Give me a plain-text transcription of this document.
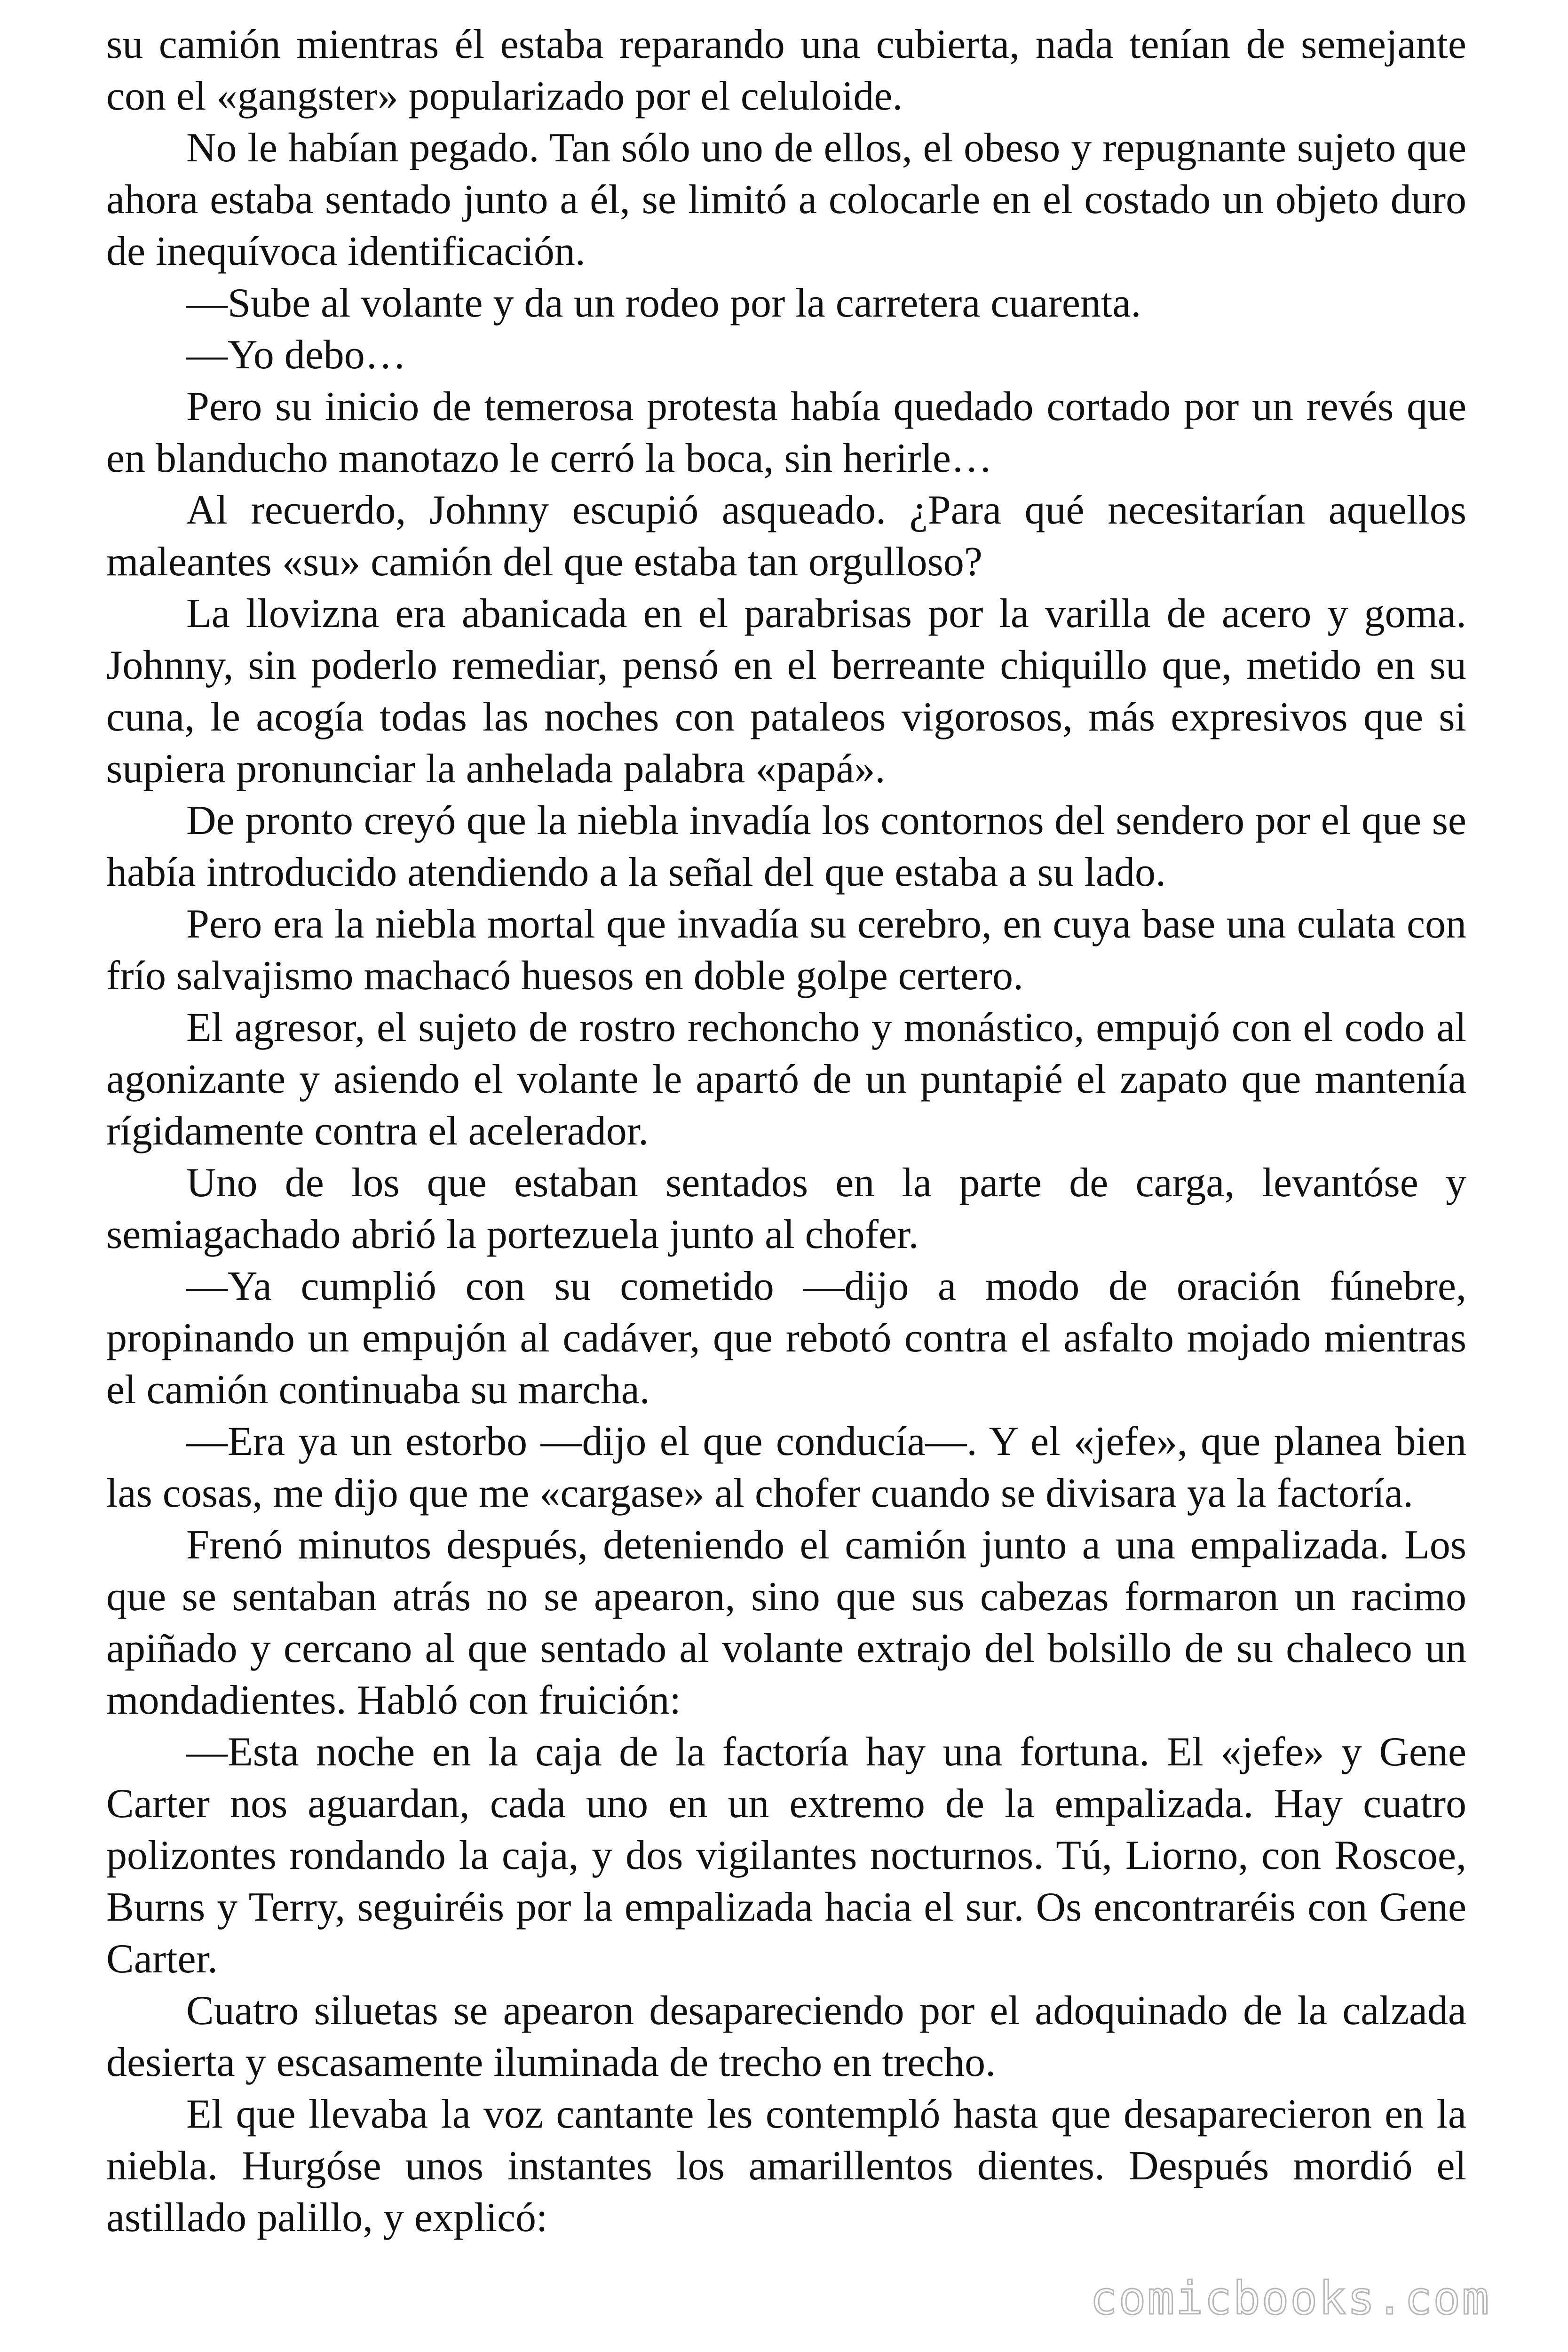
su camión mientras él estaba reparando una cubierta, nada tenían de semejante con el «gangster» popularizado por el celuloide.

No le habían pegado. Tan sólo uno de ellos, el obeso y repugnante sujeto que ahora estaba sentado junto a él, se limitó a colocarle en el costado un objeto duro de inequívoca identificación.

—Sube al volante y da un rodeo por la carretera cuarenta.

—Yo debo…

Pero su inicio de temerosa protesta había quedado cortado por un revés que en blanducho manotazo le cerró la boca, sin herirle…

Al recuerdo, Johnny escupió asqueado. ¿Para qué necesitarían aquellos maleantes «su» camión del que estaba tan orgulloso?

La llovizna era abanicada en el parabrisas por la varilla de acero y goma. Johnny, sin poderlo remediar, pensó en el berreante chiquillo que, metido en su cuna, le acogía todas las noches con pataleos vigorosos, más expresivos que si supiera pronunciar la anhelada palabra «papá».

De pronto creyó que la niebla invadía los contornos del sendero por el que se había introducido atendiendo a la señal del que estaba a su lado.

Pero era la niebla mortal que invadía su cerebro, en cuya base una culata con frío salvajismo machacó huesos en doble golpe certero.

El agresor, el sujeto de rostro rechoncho y monástico, empujó con el codo al agonizante y asiendo el volante le apartó de un puntapié el zapato que mantenía rígidamente contra el acelerador.

Uno de los que estaban sentados en la parte de carga, levantóse y semiagachado abrió la portezuela junto al chofer.

—Ya cumplió con su cometido —dijo a modo de oración fúnebre, propinando un empujón al cadáver, que rebotó contra el asfalto mojado mientras el camión continuaba su marcha.

—Era ya un estorbo —dijo el que conducía—. Y el «jefe», que planea bien las cosas, me dijo que me «cargase» al chofer cuando se divisara ya la factoría.

Frenó minutos después, deteniendo el camión junto a una empalizada. Los que se sentaban atrás no se apearon, sino que sus cabezas formaron un racimo apiñado y cercano al que sentado al volante extrajo del bolsillo de su chaleco un mondadientes. Habló con fruición:

—Esta noche en la caja de la factoría hay una fortuna. El «jefe» y Gene Carter nos aguardan, cada uno en un extremo de la empalizada. Hay cuatro polizontes rondando la caja, y dos vigilantes nocturnos. Tú, Liorno, con Roscoe, Burns y Terry, seguiréis por la empalizada hacia el sur. Os encontraréis con Gene Carter.

Cuatro siluetas se apearon desapareciendo por el adoquinado de la calzada desierta y escasamente iluminada de trecho en trecho.

El que llevaba la voz cantante les contempló hasta que desaparecieron en la niebla. Hurgóse unos instantes los amarillentos dientes. Después mordió el astillado palillo, y explicó:

comicbooks.com
